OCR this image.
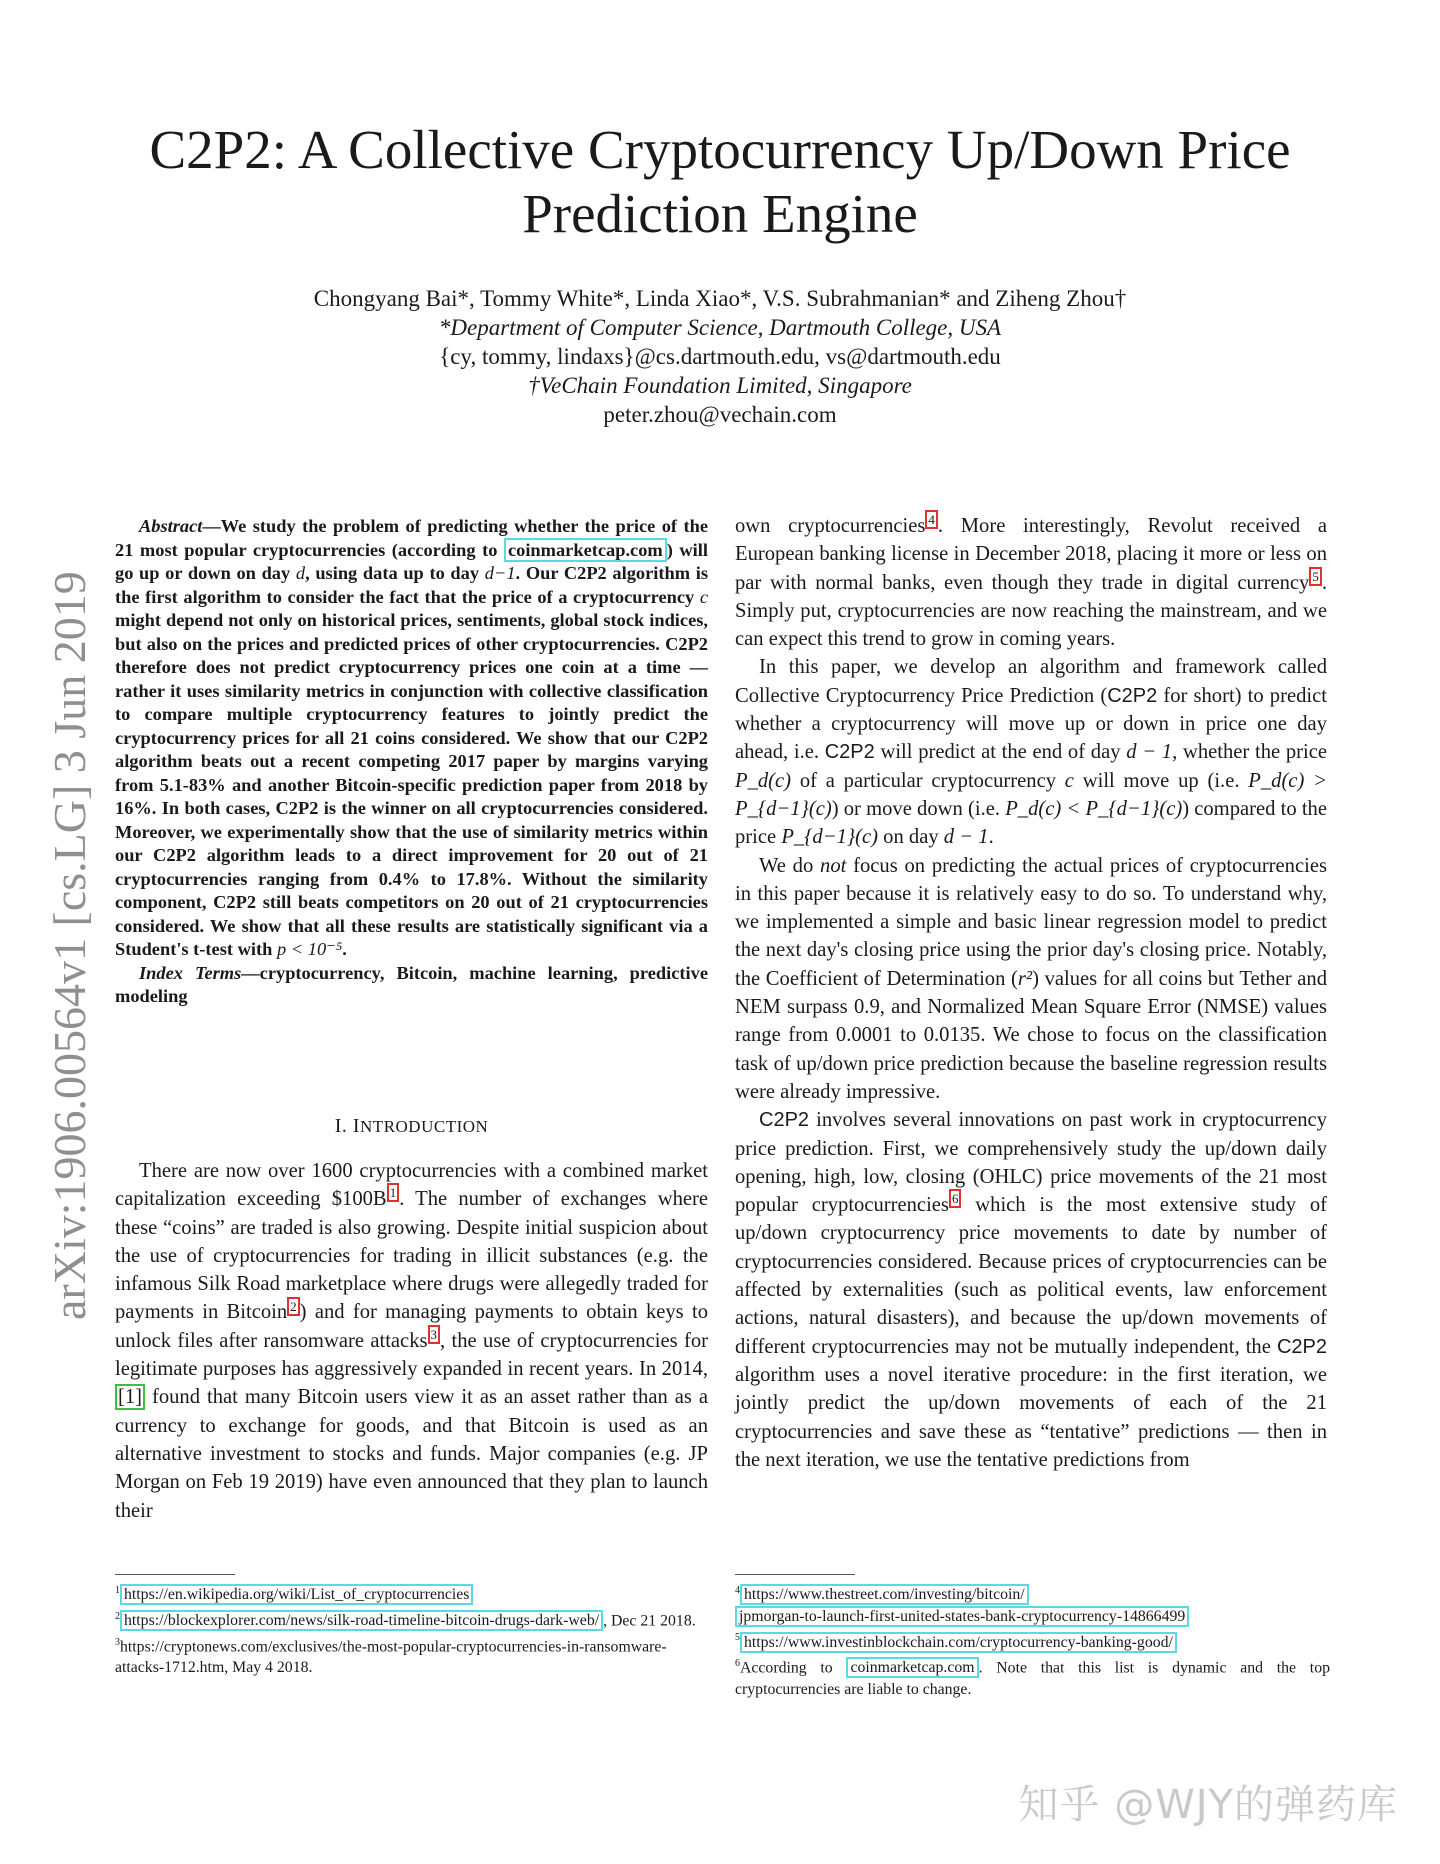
C2P2: A Collective Cryptocurrency Up/Down Price
Prediction Engine
Chongyang Bai*, Tommy White*, Linda Xiao*, V.S. Subrahmanian* and Ziheng Zhou†
*Department of Computer Science, Dartmouth College, USA
{cy, tommy, lindaxs}@cs.dartmouth.edu, vs@dartmouth.edu
†VeChain Foundation Limited, Singapore
peter.zhou@vechain.com
arXiv:1906.00564v1 [cs.LG] 3 Jun 2019

Abstract—We study the problem of predicting whether the price of the 21 most popular cryptocurrencies (according to coinmarketcap.com ) will go up or down on day d, using data up to day d−1. Our C2P2 algorithm is the first algorithm to consider the fact that the price of a cryptocurrency c might depend not only on historical prices, sentiments, global stock indices, but also on the prices and predicted prices of other cryptocurrencies. C2P2 therefore does not predict cryptocurrency prices one coin at a time — rather it uses similarity metrics in conjunction with collective classification to compare multiple cryptocurrency features to jointly predict the cryptocurrency prices for all 21 coins considered. We show that our C2P2 algorithm beats out a recent competing 2017 paper by margins varying from 5.1-83% and another Bitcoin-specific prediction paper from 2018 by 16%. In both cases, C2P2 is the winner on all cryptocurrencies considered. Moreover, we experimentally show that the use of similarity metrics within our C2P2 algorithm leads to a direct improvement for 20 out of 21 cryptocurrencies ranging from 0.4% to 17.8%. Without the similarity component, C2P2 still beats competitors on 20 out of 21 cryptocurrencies considered. We show that all these results are statistically significant via a Student's t-test with p < 10⁻⁵.

Index Terms—cryptocurrency, Bitcoin, machine learning, predictive modeling

I. INTRODUCTION

There are now over 1600 cryptocurrencies with a combined market capitalization exceeding $100B $^1$ . The number of exchanges where these “coins” are traded is also growing. Despite initial suspicion about the use of cryptocurrencies for trading in illicit substances (e.g. the infamous Silk Road marketplace where drugs were allegedly traded for payments in Bitcoin $^2$ ) and for managing payments to obtain keys to unlock files after ransomware attacks $^3$ , the use of cryptocurrencies for legitimate purposes has aggressively expanded in recent years. In 2014, [1] found that many Bitcoin users view it as an asset rather than as a currency to exchange for goods, and that Bitcoin is used as an alternative investment to stocks and funds. Major companies (e.g. JP Morgan on Feb 19 2019) have even announced that they plan to launch their

own cryptocurrencies $^4$ . More interestingly, Revolut received a European banking license in December 2018, placing it more or less on par with normal banks, even though they trade in digital currency $^5$ . Simply put, cryptocurrencies are now reaching the mainstream, and we can expect this trend to grow in coming years.

In this paper, we develop an algorithm and framework called Collective Cryptocurrency Price Prediction (C2P2 for short) to predict whether a cryptocurrency will move up or down in price one day ahead, i.e. C2P2 will predict at the end of day d − 1, whether the price P_d(c) of a particular cryptocurrency c will move up (i.e. P_d(c) > P_{d−1}(c)) or move down (i.e. P_d(c) < P_{d−1}(c)) compared to the price P_{d−1}(c) on day d − 1.

We do not focus on predicting the actual prices of cryptocurrencies in this paper because it is relatively easy to do so. To understand why, we implemented a simple and basic linear regression model to predict the next day's closing price using the prior day's closing price. Notably, the Coefficient of Determination (r²) values for all coins but Tether and NEM surpass 0.9, and Normalized Mean Square Error (NMSE) values range from 0.0001 to 0.0135. We chose to focus on the classification task of up/down price prediction because the baseline regression results were already impressive.

C2P2 involves several innovations on past work in cryptocurrency price prediction. First, we comprehensively study the up/down daily opening, high, low, closing (OHLC) price movements of the 21 most popular cryptocurrencies $^6$ which is the most extensive study of up/down cryptocurrency price movements to date by number of cryptocurrencies considered. Because prices of cryptocurrencies can be affected by externalities (such as political events, law enforcement actions, natural disasters), and because the up/down movements of different cryptocurrencies may not be mutually independent, the C2P2 algorithm uses a novel iterative procedure: in the first iteration, we jointly predict the up/down movements of each of the 21 cryptocurrencies and save these as “tentative” predictions — then in the next iteration, we use the tentative predictions from

$^1$ https://en.wikipedia.org/wiki/List_of_cryptocurrencies
$^2$ https://blockexplorer.com/news/silk-road-timeline-bitcoin-drugs-dark-web/ , Dec 21 2018.
$^3$https://cryptonews.com/exclusives/the-most-popular-cryptocurrencies-in-ransomware-attacks-1712.htm, May 4 2018.
$^4$ https://www.thestreet.com/investing/bitcoin/
jpmorgan-to-launch-first-united-states-bank-cryptocurrency-14866499
$^5$ https://www.investinblockchain.com/cryptocurrency-banking-good/
$^6$According to coinmarketcap.com . Note that this list is dynamic and the top cryptocurrencies are liable to change.
知乎 @WJY的弹药库
